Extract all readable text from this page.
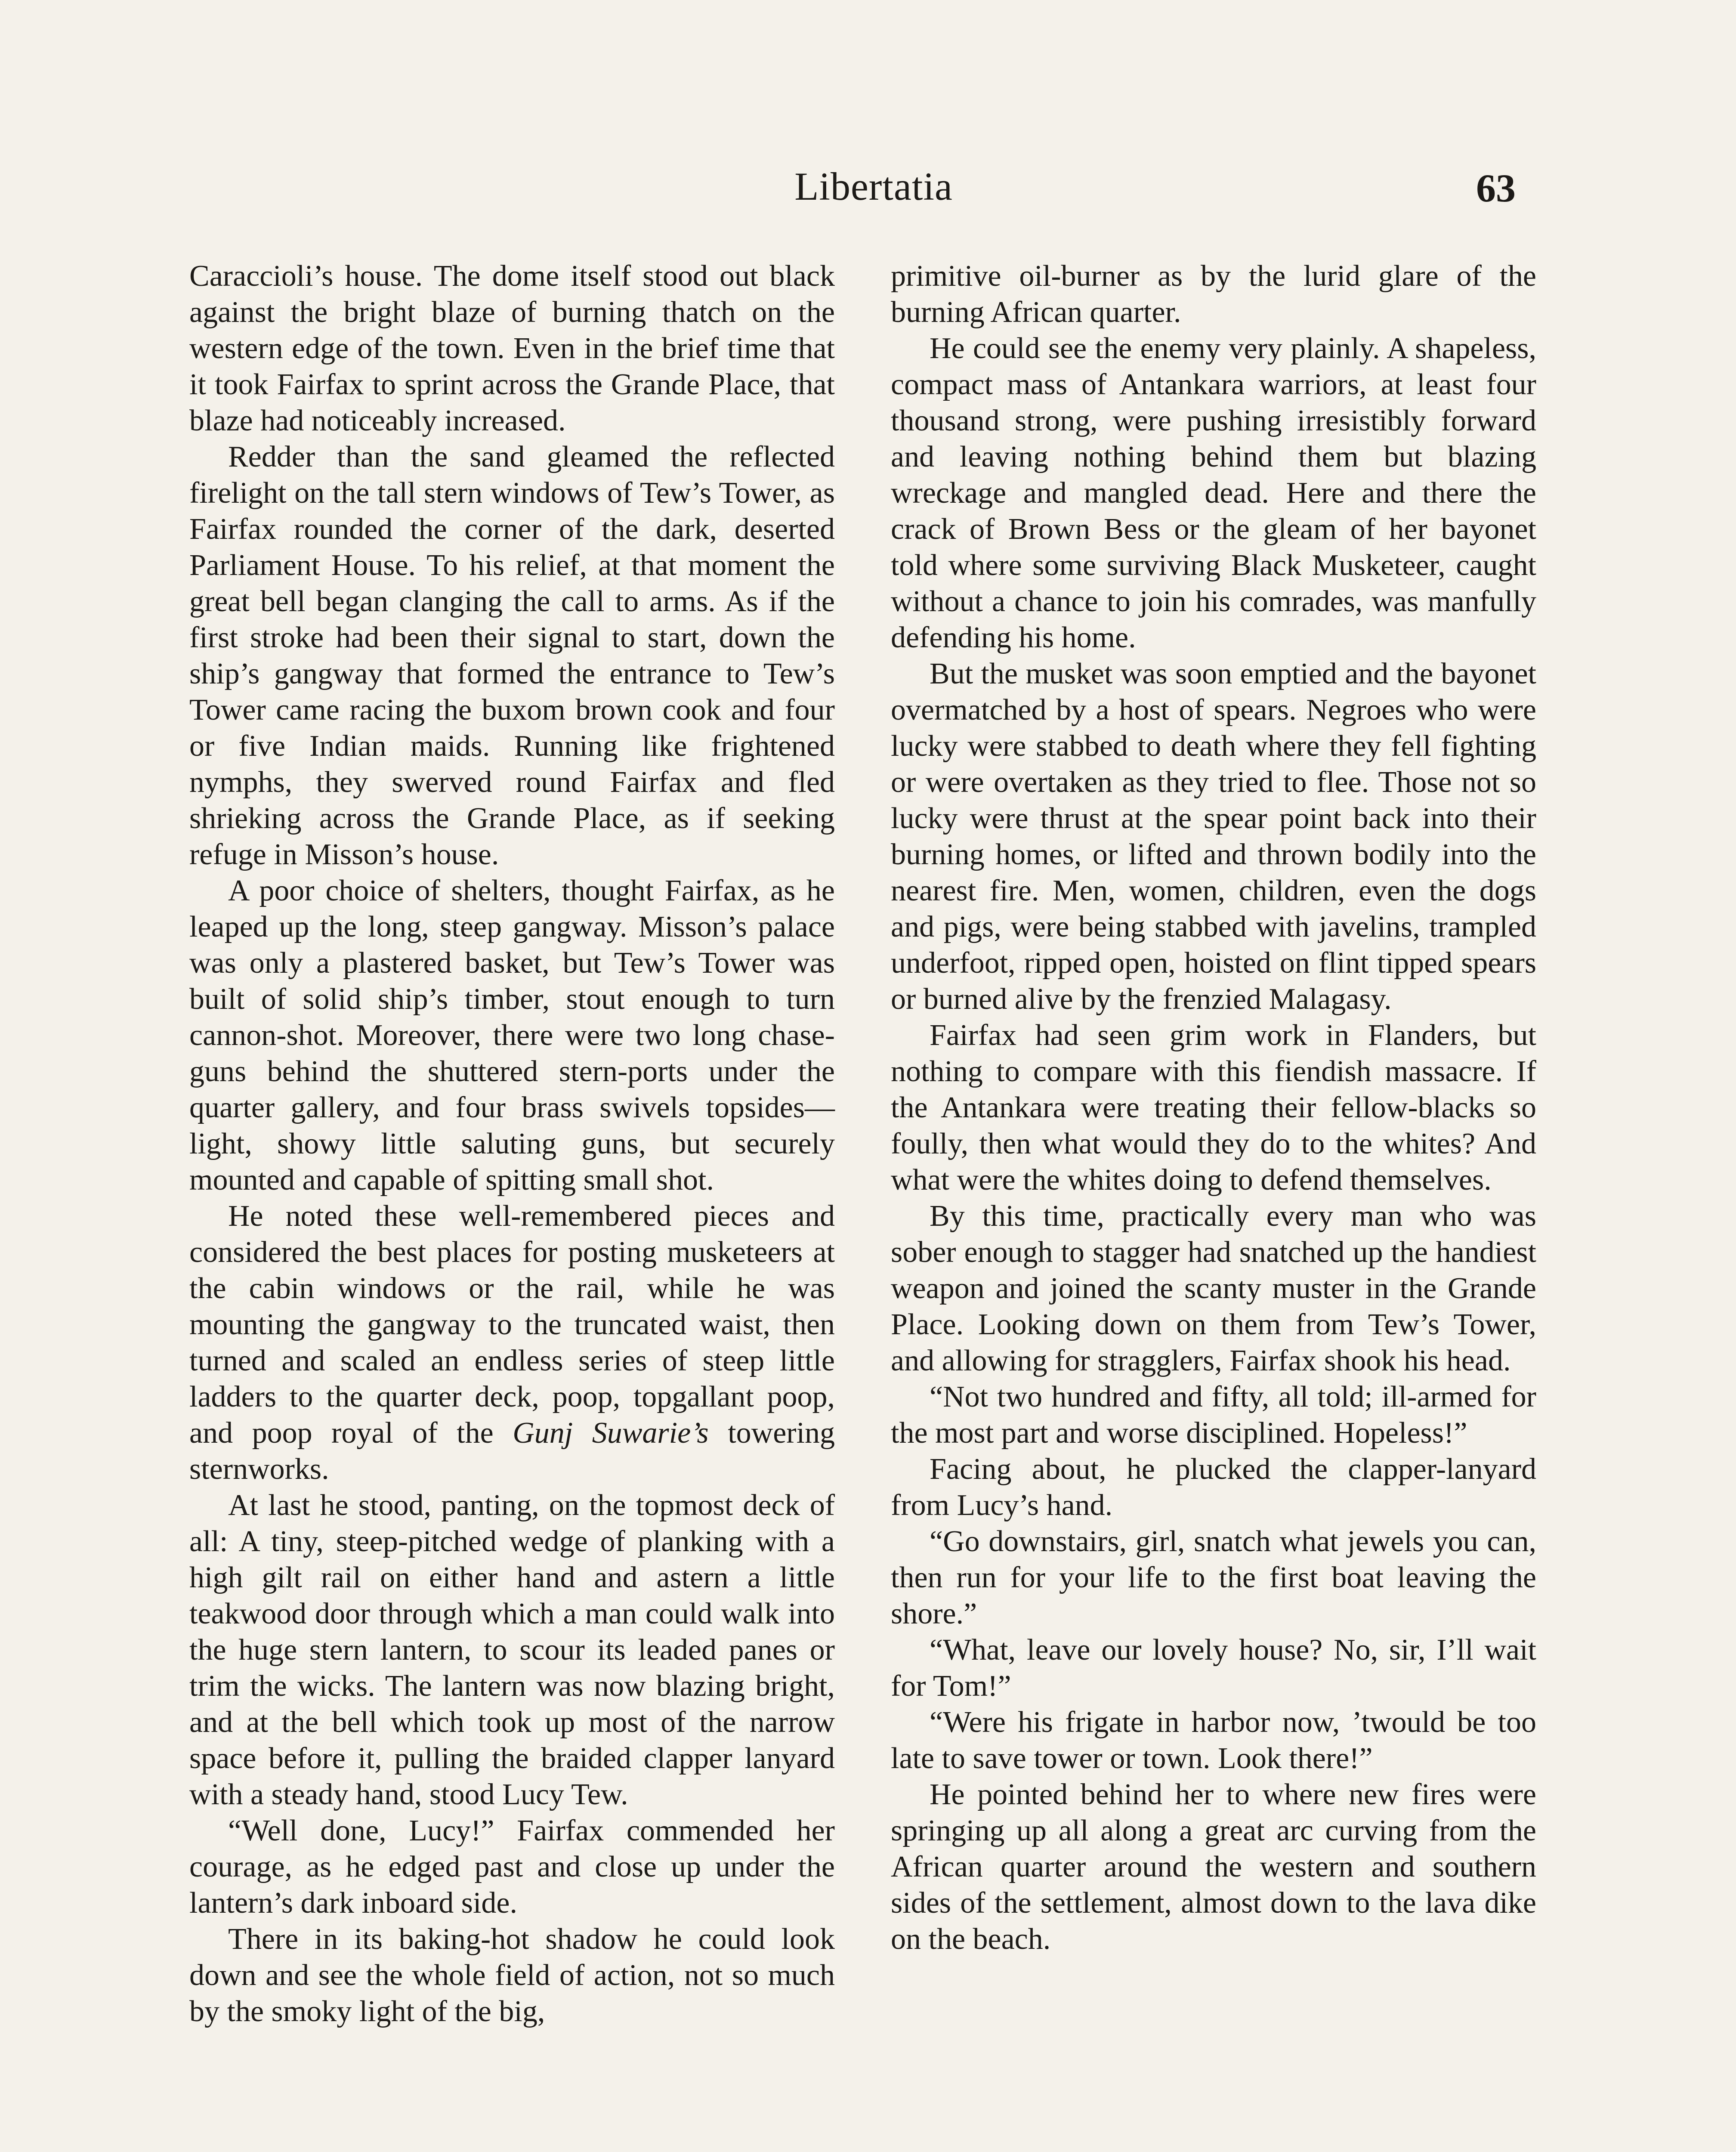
Libertatia	63

Caraccioli’s house. The dome itself stood out black against the bright blaze of burning thatch on the western edge of the town. Even in the brief time that it took Fairfax to sprint across the Grande Place, that blaze had noticeably increased.

Redder than the sand gleamed the reflected firelight on the tall stern windows of Tew’s Tower, as Fairfax rounded the corner of the dark, deserted Parliament House. To his relief, at that moment the great bell began clanging the call to arms. As if the first stroke had been their signal to start, down the ship’s gangway that formed the entrance to Tew’s Tower came racing the buxom brown cook and four or five Indian maids. Running like frightened nymphs, they swerved round Fairfax and fled shrieking across the Grande Place, as if seeking refuge in Misson’s house.

A poor choice of shelters, thought Fairfax, as he leaped up the long, steep gangway. Misson’s palace was only a plastered basket, but Tew’s Tower was built of solid ship’s timber, stout enough to turn cannon-shot. Moreover, there were two long chase-guns behind the shuttered stern-ports under the quarter gallery, and four brass swivels topsides—light, showy little saluting guns, but securely mounted and capable of spitting small shot.

He noted these well-remembered pieces and considered the best places for posting musketeers at the cabin windows or the rail, while he was mounting the gangway to the truncated waist, then turned and scaled an endless series of steep little ladders to the quarter deck, poop, topgallant poop, and poop royal of the Gunj Suwarie’s towering sternworks.

At last he stood, panting, on the topmost deck of all: A tiny, steep-pitched wedge of planking with a high gilt rail on either hand and astern a little teakwood door through which a man could walk into the huge stern lantern, to scour its leaded panes or trim the wicks. The lantern was now blazing bright, and at the bell which took up most of the narrow space before it, pulling the braided clapper lanyard with a steady hand, stood Lucy Tew.

“Well done, Lucy!” Fairfax commended her courage, as he edged past and close up under the lantern’s dark inboard side.

There in its baking-hot shadow he could look down and see the whole field of action, not so much by the smoky light of the big,

primitive oil-burner as by the lurid glare of the burning African quarter.

He could see the enemy very plainly. A shapeless, compact mass of Antankara warriors, at least four thousand strong, were pushing irresistibly forward and leaving nothing behind them but blazing wreckage and mangled dead. Here and there the crack of Brown Bess or the gleam of her bayonet told where some surviving Black Musketeer, caught without a chance to join his comrades, was manfully defending his home.

But the musket was soon emptied and the bayonet overmatched by a host of spears. Negroes who were lucky were stabbed to death where they fell fighting or were overtaken as they tried to flee. Those not so lucky were thrust at the spear point back into their burning homes, or lifted and thrown bodily into the nearest fire. Men, women, children, even the dogs and pigs, were being stabbed with javelins, trampled underfoot, ripped open, hoisted on flint tipped spears or burned alive by the frenzied Malagasy.

Fairfax had seen grim work in Flanders, but nothing to compare with this fiendish massacre. If the Antankara were treating their fellow-blacks so foully, then what would they do to the whites? And what were the whites doing to defend themselves.

By this time, practically every man who was sober enough to stagger had snatched up the handiest weapon and joined the scanty muster in the Grande Place. Looking down on them from Tew’s Tower, and allowing for stragglers, Fairfax shook his head.

“Not two hundred and fifty, all told; ill-armed for the most part and worse disciplined. Hopeless!”

Facing about, he plucked the clapper-lanyard from Lucy’s hand.

“Go downstairs, girl, snatch what jewels you can, then run for your life to the first boat leaving the shore.”

“What, leave our lovely house? No, sir, I’ll wait for Tom!”

“Were his frigate in harbor now, ’twould be too late to save tower or town. Look there!”

He pointed behind her to where new fires were springing up all along a great arc curving from the African quarter around the western and southern sides of the settlement, almost down to the lava dike on the beach.
